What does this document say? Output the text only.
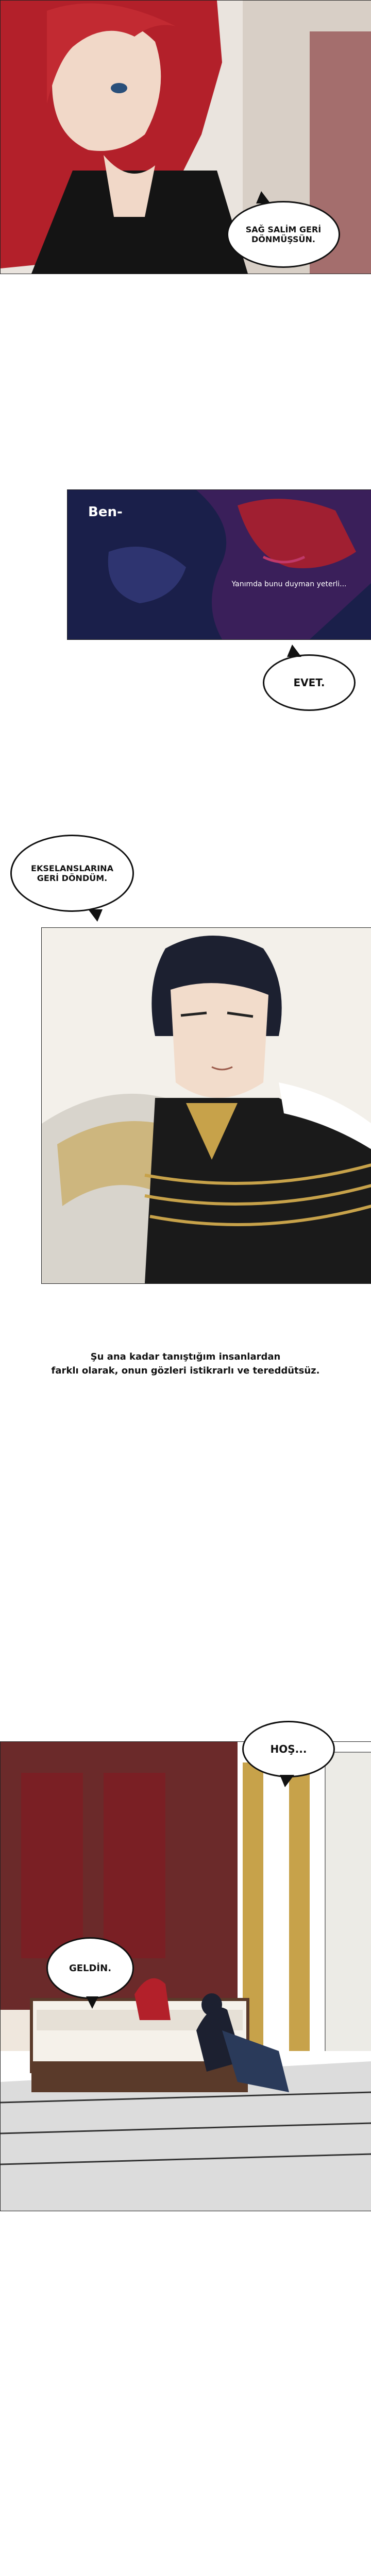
SAĞ SALİM GERİ DÖNMÜŞSÜN.
Ben-
Yanımda bunu duyman yeterli...
EVET.
EKSELANSLARINA GERİ DÖNDÜM.
Şu ana kadar tanıştığım insanlardan
farklı olarak, onun gözleri istikrarlı ve tereddütsüz.
HOŞ...
GELDİN.
